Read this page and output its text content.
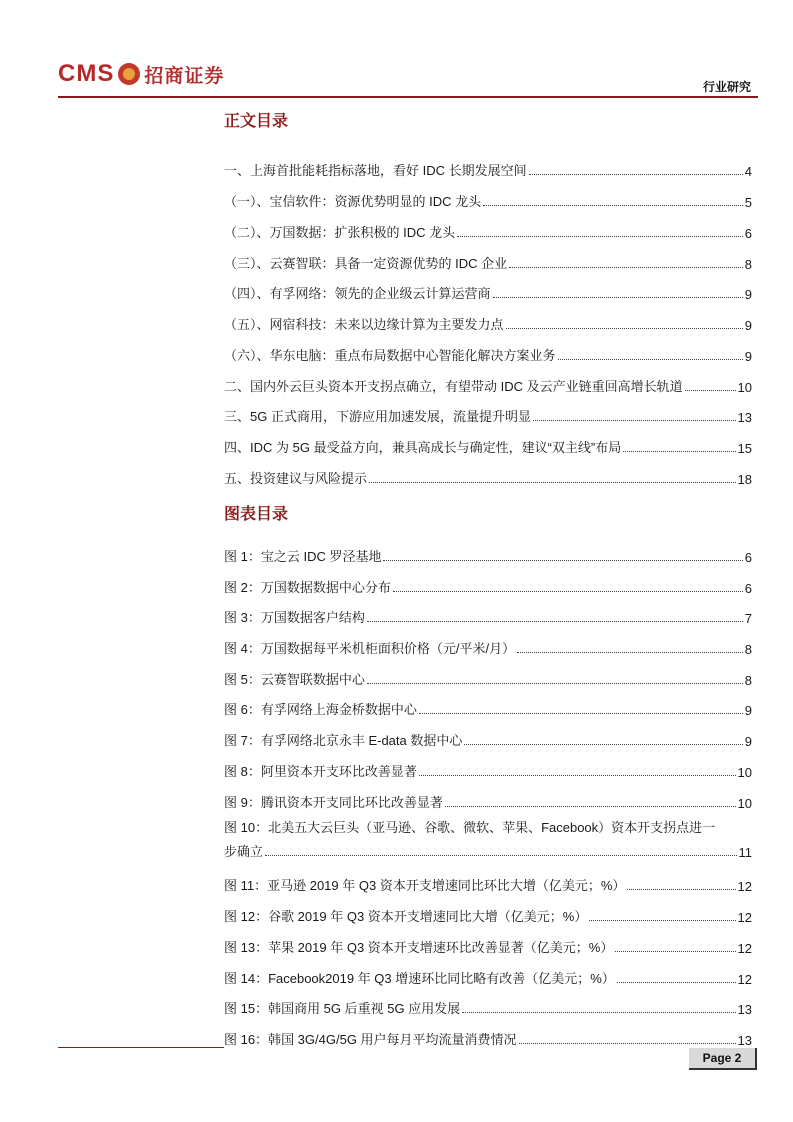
CMS 招商证券
行业研究
正文目录
一、上海首批能耗指标落地，看好 IDC 长期发展空间	4
（一）、宝信软件：资源优势明显的 IDC 龙头	5
（二）、万国数据：扩张积极的 IDC 龙头	6
（三）、云赛智联：具备一定资源优势的 IDC 企业	8
（四）、有孚网络：领先的企业级云计算运营商	9
（五）、网宿科技：未来以边缘计算为主要发力点	9
（六）、华东电脑：重点布局数据中心智能化解决方案业务	9
二、国内外云巨头资本开支拐点确立，有望带动 IDC 及云产业链重回高增长轨道	10
三、5G 正式商用，下游应用加速发展，流量提升明显	13
四、IDC 为 5G 最受益方向，兼具高成长与确定性，建议“双主线”布局	15
五、投资建议与风险提示	18
图表目录
图 1：宝之云 IDC 罗泾基地	6
图 2：万国数据数据中心分布	6
图 3：万国数据客户结构	7
图 4：万国数据每平米机柜面积价格（元/平米/月）	8
图 5：云赛智联数据中心	8
图 6：有孚网络上海金桥数据中心	9
图 7：有孚网络北京永丰 E-data 数据中心	9
图 8：阿里资本开支环比改善显著	10
图 9：腾讯资本开支同比环比改善显著	10
图 10：北美五大云巨头（亚马逊、谷歌、微软、苹果、Facebook）资本开支拐点进一
步确立	11
图 11：亚马逊 2019 年 Q3 资本开支增速同比环比大增（亿美元；%）	12
图 12：谷歌 2019 年 Q3 资本开支增速同比大增（亿美元；%）	12
图 13：苹果 2019 年 Q3 资本开支增速环比改善显著（亿美元；%）	12
图 14：Facebook2019 年 Q3 增速环比同比略有改善（亿美元；%）	12
图 15：韩国商用 5G 后重视 5G 应用发展	13
图 16：韩国 3G/4G/5G 用户每月平均流量消费情况	13
Page 2
